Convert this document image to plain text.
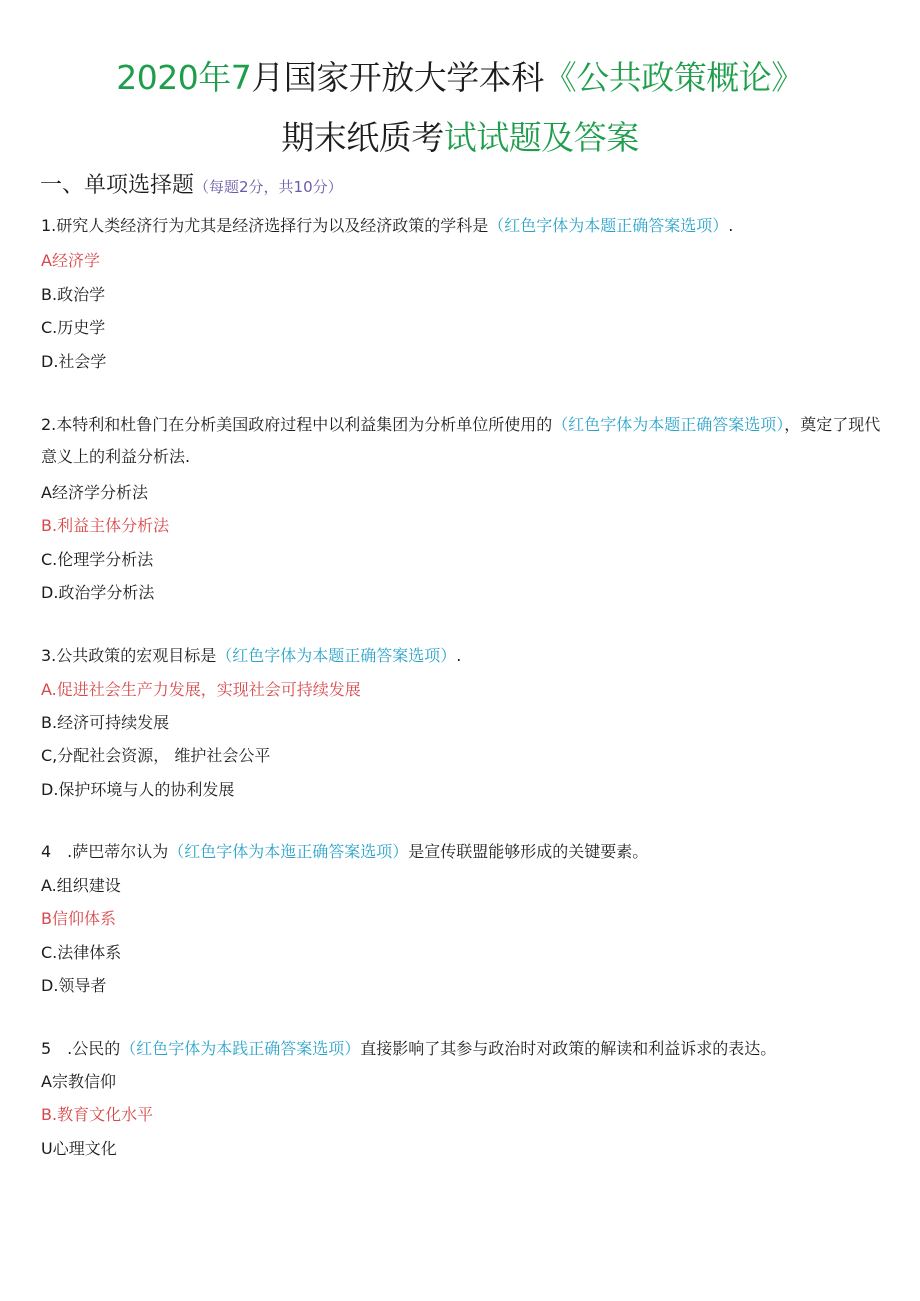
2020年7月国家开放大学本科《公共政策概论》
期末纸质考试试题及答案
一、单项选择题（每题2分，共10分）

1.研究人类经济行为尤其是经济选择行为以及经济政策的学科是（红色字体为本题正确答案选项）.

A经济学

B.政治学

C.历史学

D.社会学

2.本特利和杜鲁门在分析美国政府过程中以利益集团为分析单位所使用的（红色字体为本题正确答案选项），奠定了现代意义上的利益分析法.

A经济学分析法

B.利益主体分析法

C.伦理学分析法

D.政治学分析法

3.公共政策的宏观目标是（红色字体为本题正确答案选项）.

A.促进社会生产力发展，实现社会可持续发展

B.经济可持续发展

C,分配社会资源， 维护社会公平

D.保护环境与人的协利发展

4　.萨巴蒂尔认为（红色字体为本迤正确答案选项）是宣传联盟能够形成的关键要素。

A.组织建设

B信仰体系

C.法律体系

D.领导者

5　.公民的（红色字体为本践正确答案选项）直接影响了其参与政治时对政策的解读和利益诉求的表达。

A宗教信仰

B.教育文化水平

U心理文化
